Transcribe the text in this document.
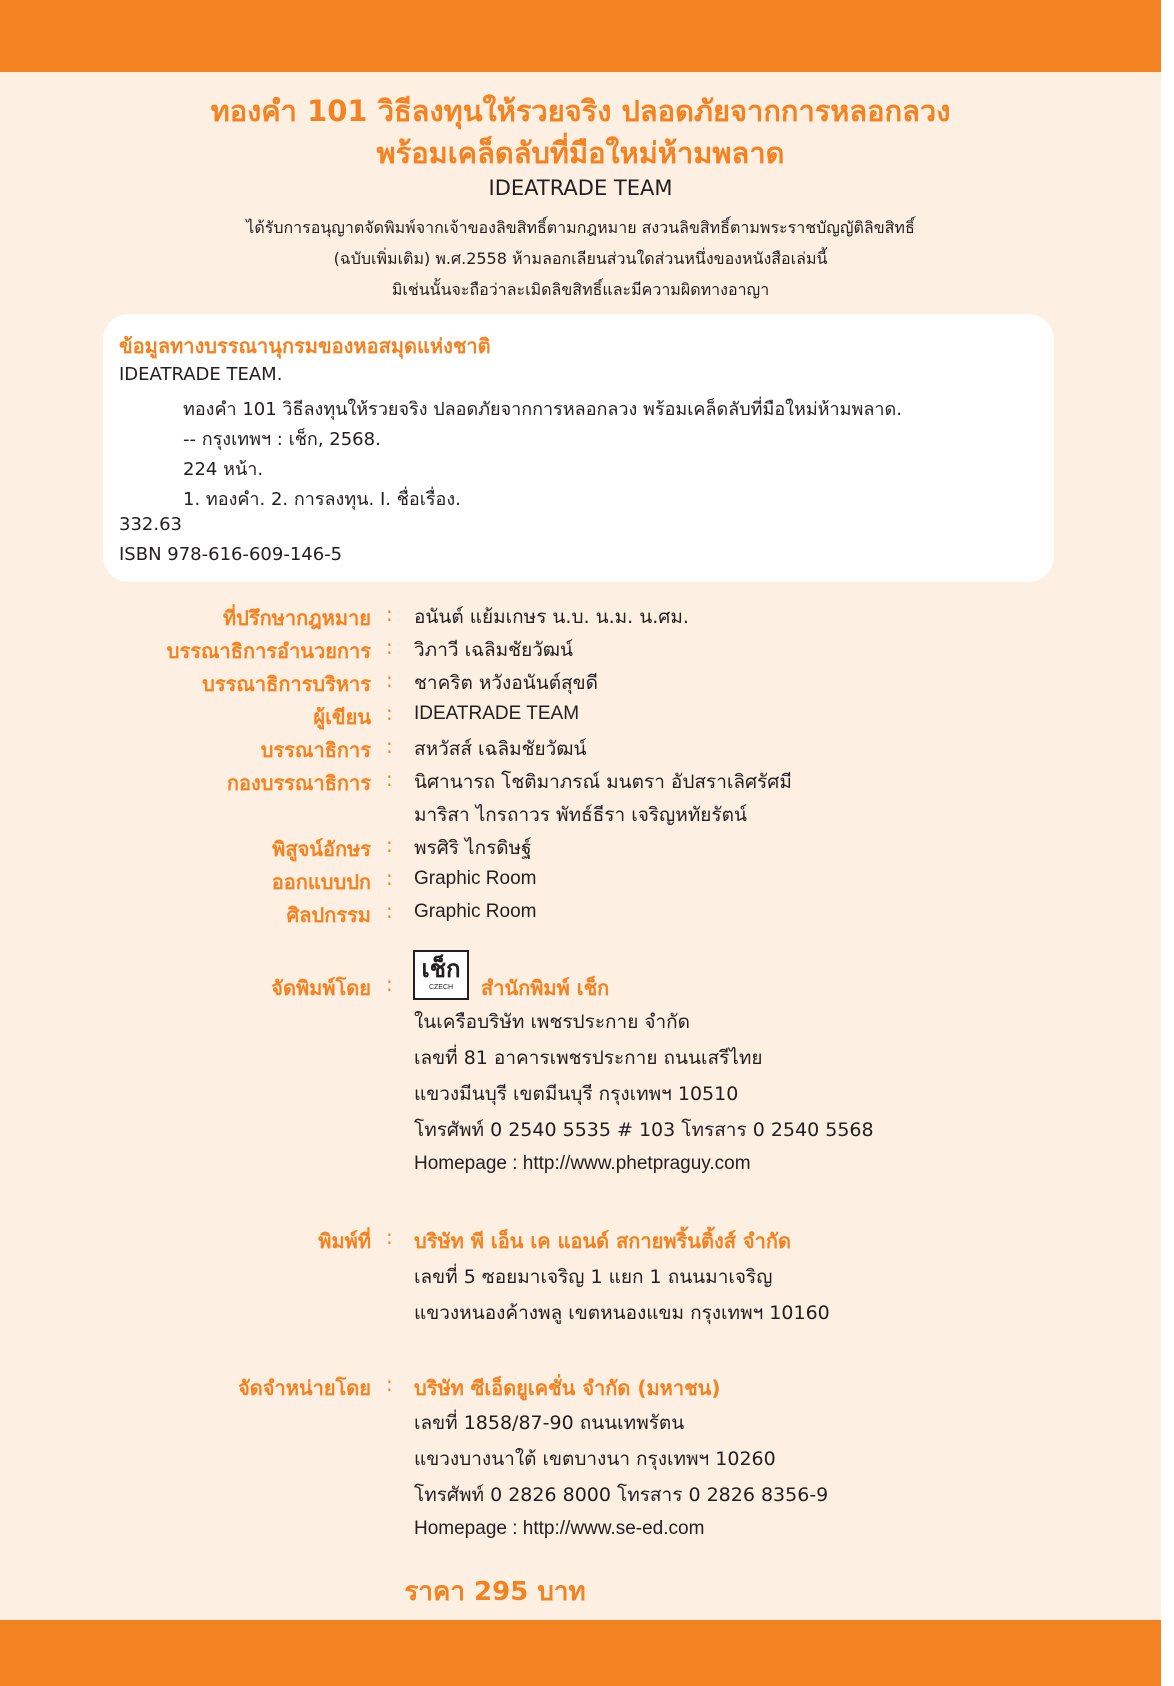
ทองคำ 101 วิธีลงทุนให้รวยจริง ปลอดภัยจากการหลอกลวง
พร้อมเคล็ดลับที่มือใหม่ห้ามพลาด
IDEATRADE TEAM
ได้รับการอนุญาตจัดพิมพ์จากเจ้าของลิขสิทธิ์ตามกฎหมาย สงวนลิขสิทธิ์ตามพระราชบัญญัติลิขสิทธิ์
(ฉบับเพิ่มเติม) พ.ศ.2558 ห้ามลอกเลียนส่วนใดส่วนหนึ่งของหนังสือเล่มนี้
มิเช่นนั้นจะถือว่าละเมิดลิขสิทธิ์และมีความผิดทางอาญา
ข้อมูลทางบรรณานุกรมของหอสมุดแห่งชาติ
IDEATRADE TEAM.
ทองคำ 101 วิธีลงทุนให้รวยจริง ปลอดภัยจากการหลอกลวง พร้อมเคล็ดลับที่มือใหม่ห้ามพลาด.
-- กรุงเทพฯ : เช็ก, 2568.
224 หน้า.
1. ทองคำ. 2. การลงทุน. I. ชื่อเรื่อง.
332.63
ISBN 978-616-609-146-5
ที่ปรึกษากฎหมาย : อนันต์ แย้มเกษร น.บ. น.ม. น.ศม.
บรรณาธิการอำนวยการ : วิภาวี เฉลิมชัยวัฒน์
บรรณาธิการบริหาร : ชาคริต หวังอนันต์สุขดี
ผู้เขียน : IDEATRADE TEAM
บรรณาธิการ : สหวัสส์ เฉลิมชัยวัฒน์
กองบรรณาธิการ : นิศานารถ โชติมาภรณ์ มนตรา อัปสราเลิศรัศมี
มาริสา ไกรถาวร พัทธ์ธีรา เจริญหทัยรัตน์
พิสูจน์อักษร : พรศิริ ไกรดิษฐ์
ออกแบบปก : Graphic Room
ศิลปกรรม : Graphic Room
จัดพิมพ์โดย :
เช็ก
CZECH	สำนักพิมพ์ เช็ก
ในเครือบริษัท เพชรประกาย จำกัด
เลขที่ 81 อาคารเพชรประกาย ถนนเสรีไทย
แขวงมีนบุรี เขตมีนบุรี กรุงเทพฯ 10510
โทรศัพท์ 0 2540 5535 # 103 โทรสาร 0 2540 5568
Homepage : http://www.phetpraguy.com
พิมพ์ที่ : บริษัท พี เอ็น เค แอนด์ สกายพริ้นติ้งส์ จำกัด
เลขที่ 5 ซอยมาเจริญ 1 แยก 1 ถนนมาเจริญ
แขวงหนองค้างพลู เขตหนองแขม กรุงเทพฯ 10160
จัดจำหน่ายโดย : บริษัท ซีเอ็ดยูเคชั่น จำกัด (มหาชน)
เลขที่ 1858/87-90 ถนนเทพรัตน
แขวงบางนาใต้ เขตบางนา กรุงเทพฯ 10260
โทรศัพท์ 0 2826 8000 โทรสาร 0 2826 8356-9
Homepage : http://www.se-ed.com
ราคา 295 บาท
